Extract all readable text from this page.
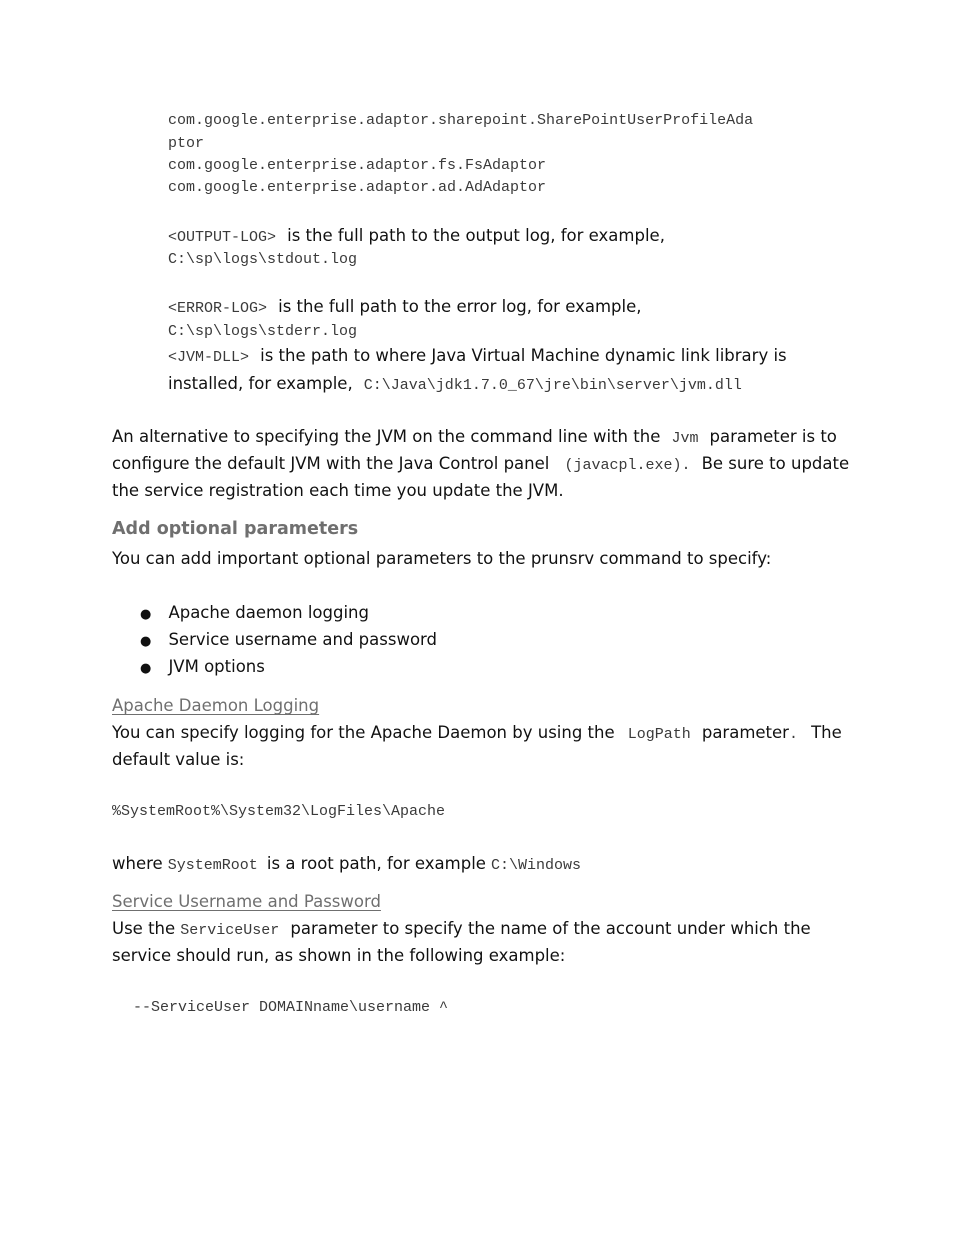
com.google.enterprise.adaptor.sharepoint.SharePointUserProfileAda
ptor
com.google.enterprise.adaptor.fs.FsAdaptor
com.google.enterprise.adaptor.ad.AdAdaptor
<OUTPUT-LOG> is the full path to the output log, for example,
C:\sp\logs\stdout.log
<ERROR-LOG> is the full path to the error log, for example,
C:\sp\logs\stderr.log
<JVM-DLL> is the path to where Java Virtual Machine dynamic link library is
installed, for example, C:\Java\jdk1.7.0_67\jre\bin\server\jvm.dll
An alternative to specifying the JVM on the command line with the Jvm parameter is to
configure the default JVM with the Java Control panel (javacpl.exe). Be sure to update
the service registration each time you update the JVM.
Add optional parameters
You can add important optional parameters to the prunsrv command to specify:
● Apache daemon logging
● Service username and password
● JVM options
Apache Daemon Logging
You can specify logging for the Apache Daemon by using the LogPath parameter. The
default value is:
%SystemRoot%\System32\LogFiles\Apache
where SystemRoot is a root path, for example C:\Windows
Service Username and Password
Use the ServiceUser parameter to specify the name of the account under which the
service should run, as shown in the following example:
--ServiceUser DOMAINname\username ^
